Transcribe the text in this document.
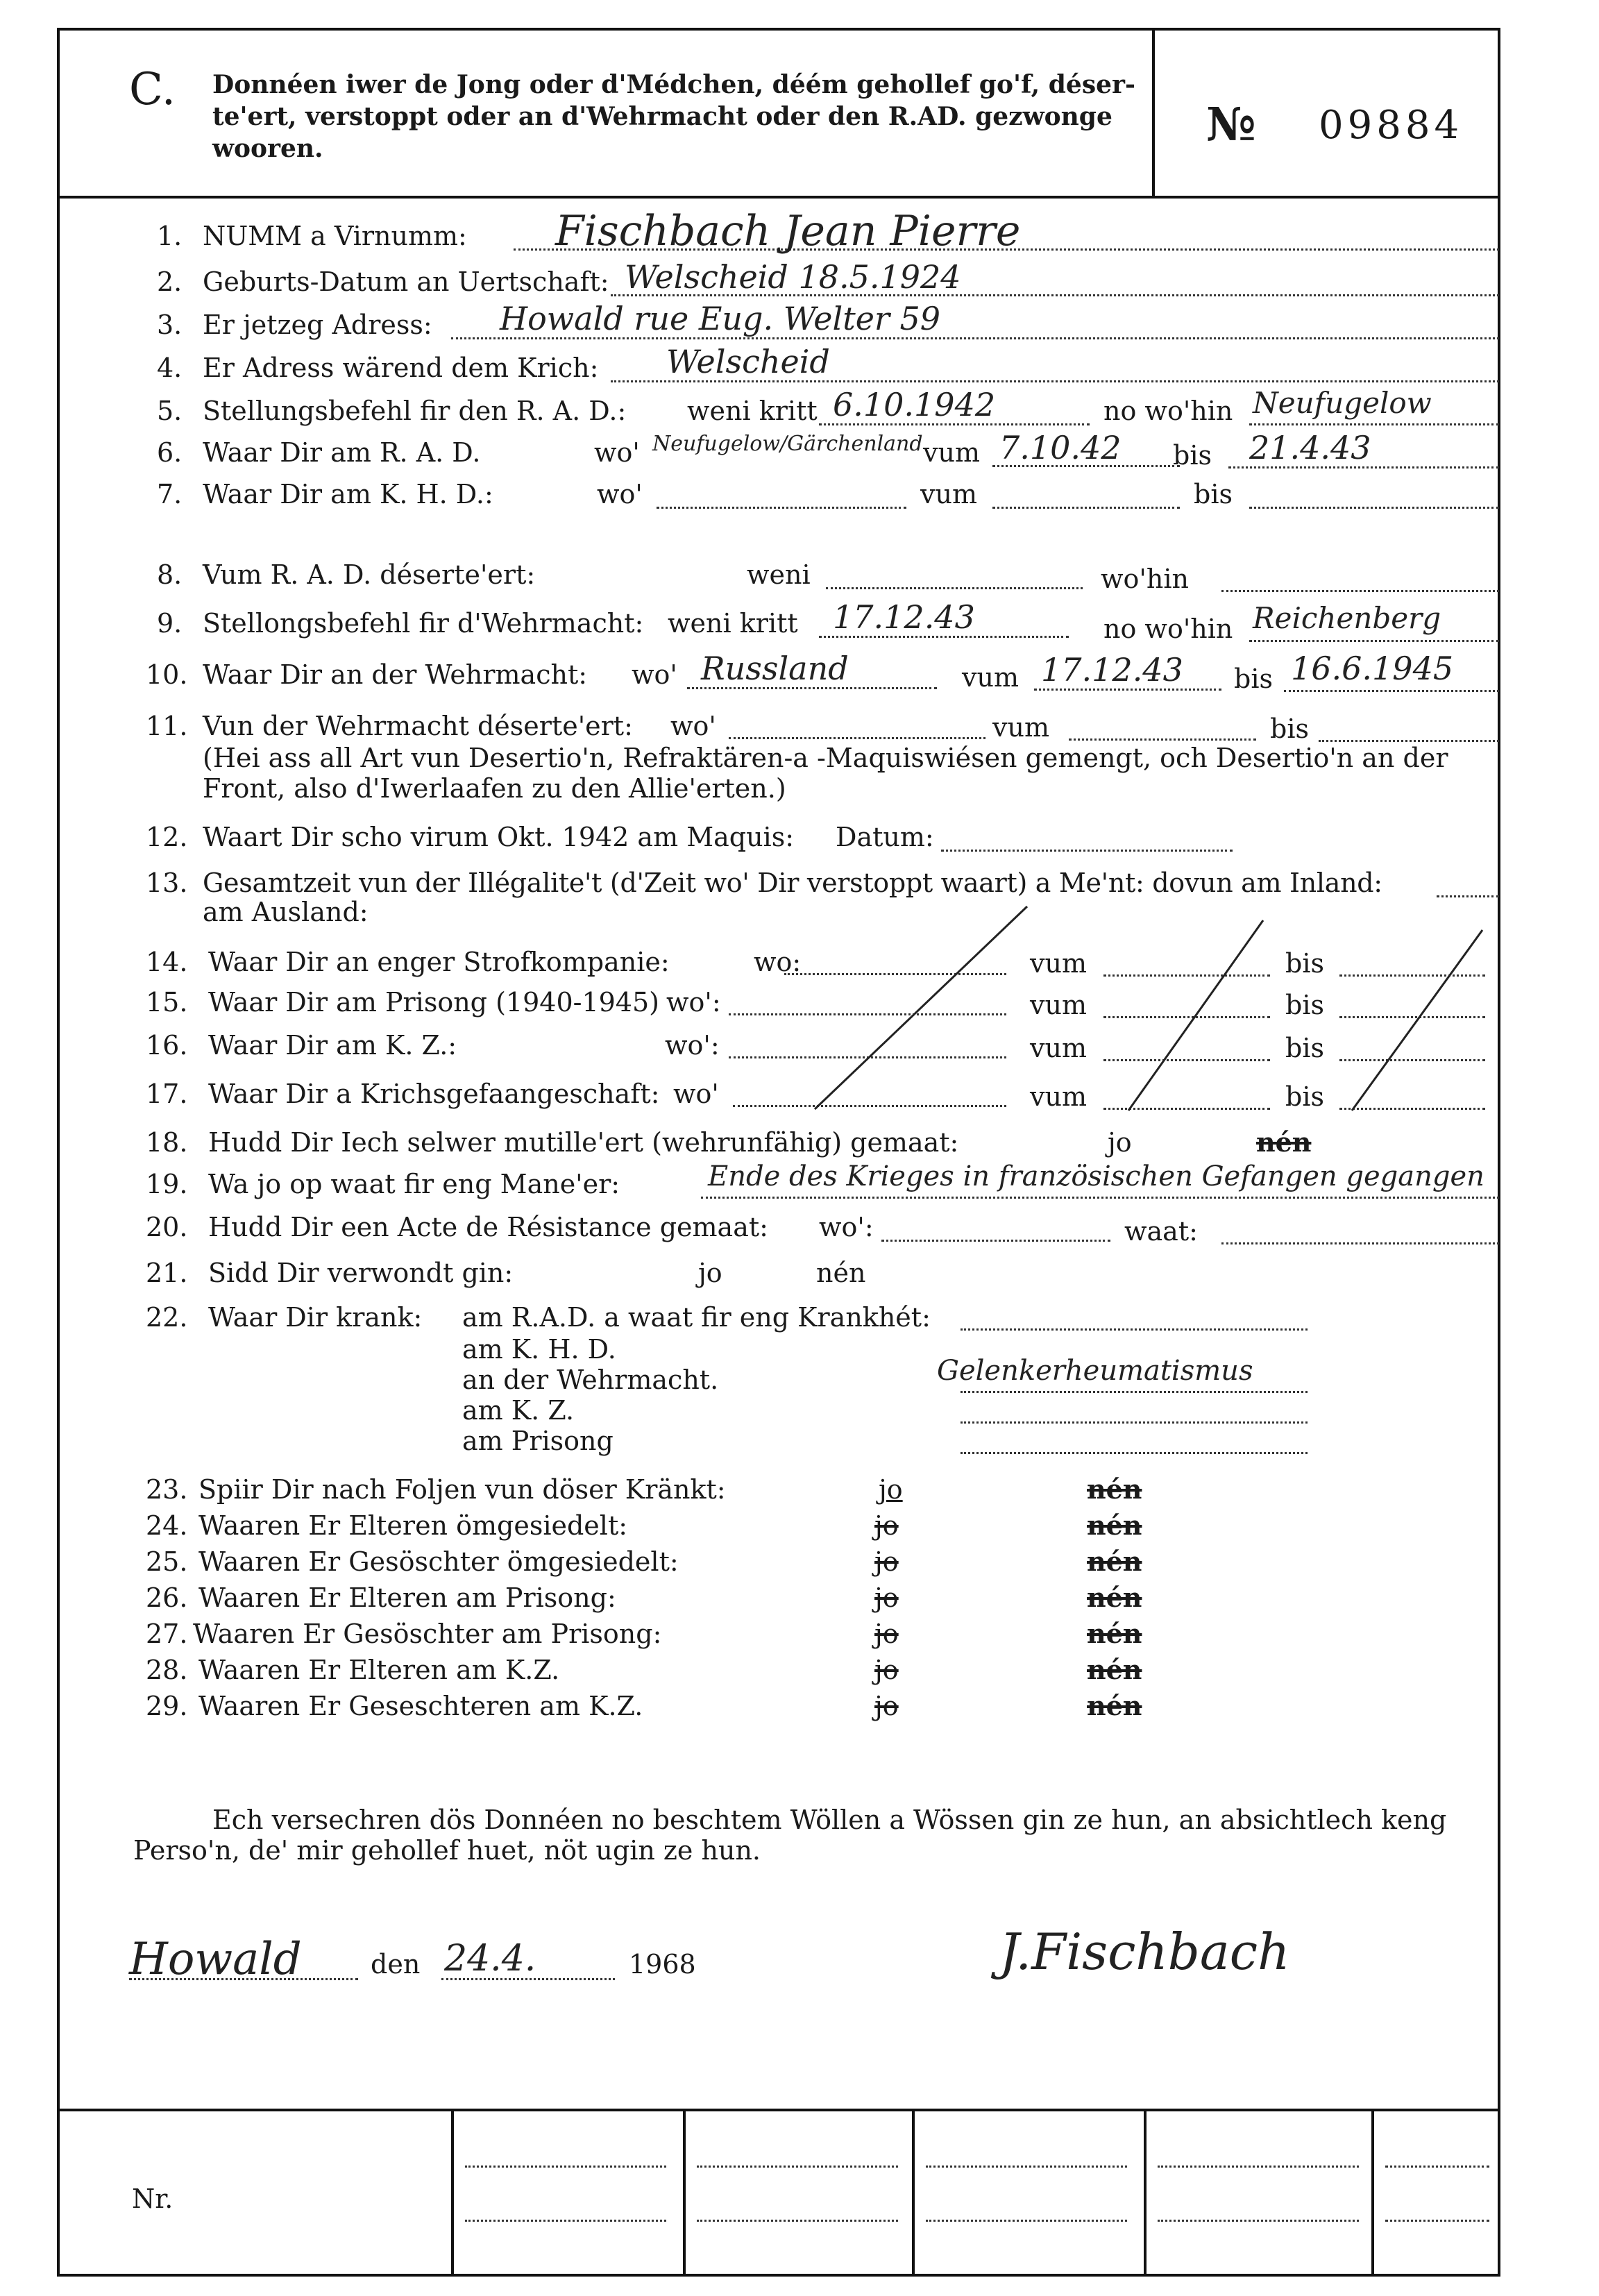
C. Donnéen iwer de Jong oder d'Médchen, déém gehollef go'f, déser-
te'ert, verstoppt oder an d'Wehrmacht oder den R.AD. gezwonge
wooren.	№ 09884
1. NUMM a Virnumm: Fischbach Jean Pierre
2. Geburts-Datum an Uertschaft: Welscheid 18.5.1924
3. Er jetzeg Adress: Howald rue Eug. Welter 59
4. Er Adress wärend dem Krich: Welscheid
5. Stellungsbefehl fir den R. A. D.: weni kritt 6.10.1942	no wo'hin Neufugelow
6. Waar Dir am R. A. D.	wo' Neufugelow/Gärchenland vum 7.10.42 bis 21.4.43
7. Waar Dir am K. H. D.:	wo'	vum	bis
8. Vum R. A. D. déserte'ert:	weni	wo'hin
9. Stellongsbefehl fir d'Wehrmacht: weni kritt 17.12.43	no wo'hin Reichenberg
10. Waar Dir an der Wehrmacht: wo' Russland	vum 17.12.43 bis 16.6.1945
11. Vun der Wehrmacht déserte'ert: wo'	vum	bis
(Hei ass all Art vun Desertio'n, Refraktären-a -Maquiswiésen gemengt, och Desertio'n an der
Front, also d'Iwerlaafen zu den Allie'erten.)
12. Waart Dir scho virum Okt. 1942 am Maquis: Datum:
13. Gesamtzeit vun der Illégalite't (d'Zeit wo' Dir verstoppt waart) a Me'nt: dovun am Inland:
am Ausland:
14. Waar Dir an enger Strofkompanie:	wo:	vum	bis
15. Waar Dir am Prisong (1940-1945) wo':	vum	bis
16. Waar Dir am K. Z.:	wo':	vum	bis
17. Waar Dir a Krichsgefaangeschaft: wo'	vum	bis
18. Hudd Dir Iech selwer mutille'ert (wehrunfähig) gemaat:	jo	nén
19. Wa jo op waat fir eng Mane'er:	Ende des Krieges in französischen Gefangen gegangen
20. Hudd Dir een Acte de Résistance gemaat: wo':	waat:
21. Sidd Dir verwondt gin:	jo	nén
22. Waar Dir krank: am R.A.D. a waat fir eng Krankhét:
am K. H. D.
an der Wehrmacht.	Gelenkerheumatismus
am K. Z.
am Prisong
23. Spiir Dir nach Foljen vun döser Kränkt:	jo	nén
24. Waaren Er Elteren ömgesiedelt:	jo	nén
25. Waaren Er Gesöschter ömgesiedelt:	jo	nén
26. Waaren Er Elteren am Prisong:	jo	nén
27. Waaren Er Gesöschter am Prisong:	jo	nén
28. Waaren Er Elteren am K.Z.	jo	nén
29. Waaren Er Geseschteren am K.Z.	jo	nén
Ech versechren dös Donnéen no beschtem Wöllen a Wössen gin ze hun, an absichtlech keng
Perso'n, de' mir gehollef huet, nöt ugin ze hun.
Howald	den 24.4.	1968	J.Fischbach
Nr.
